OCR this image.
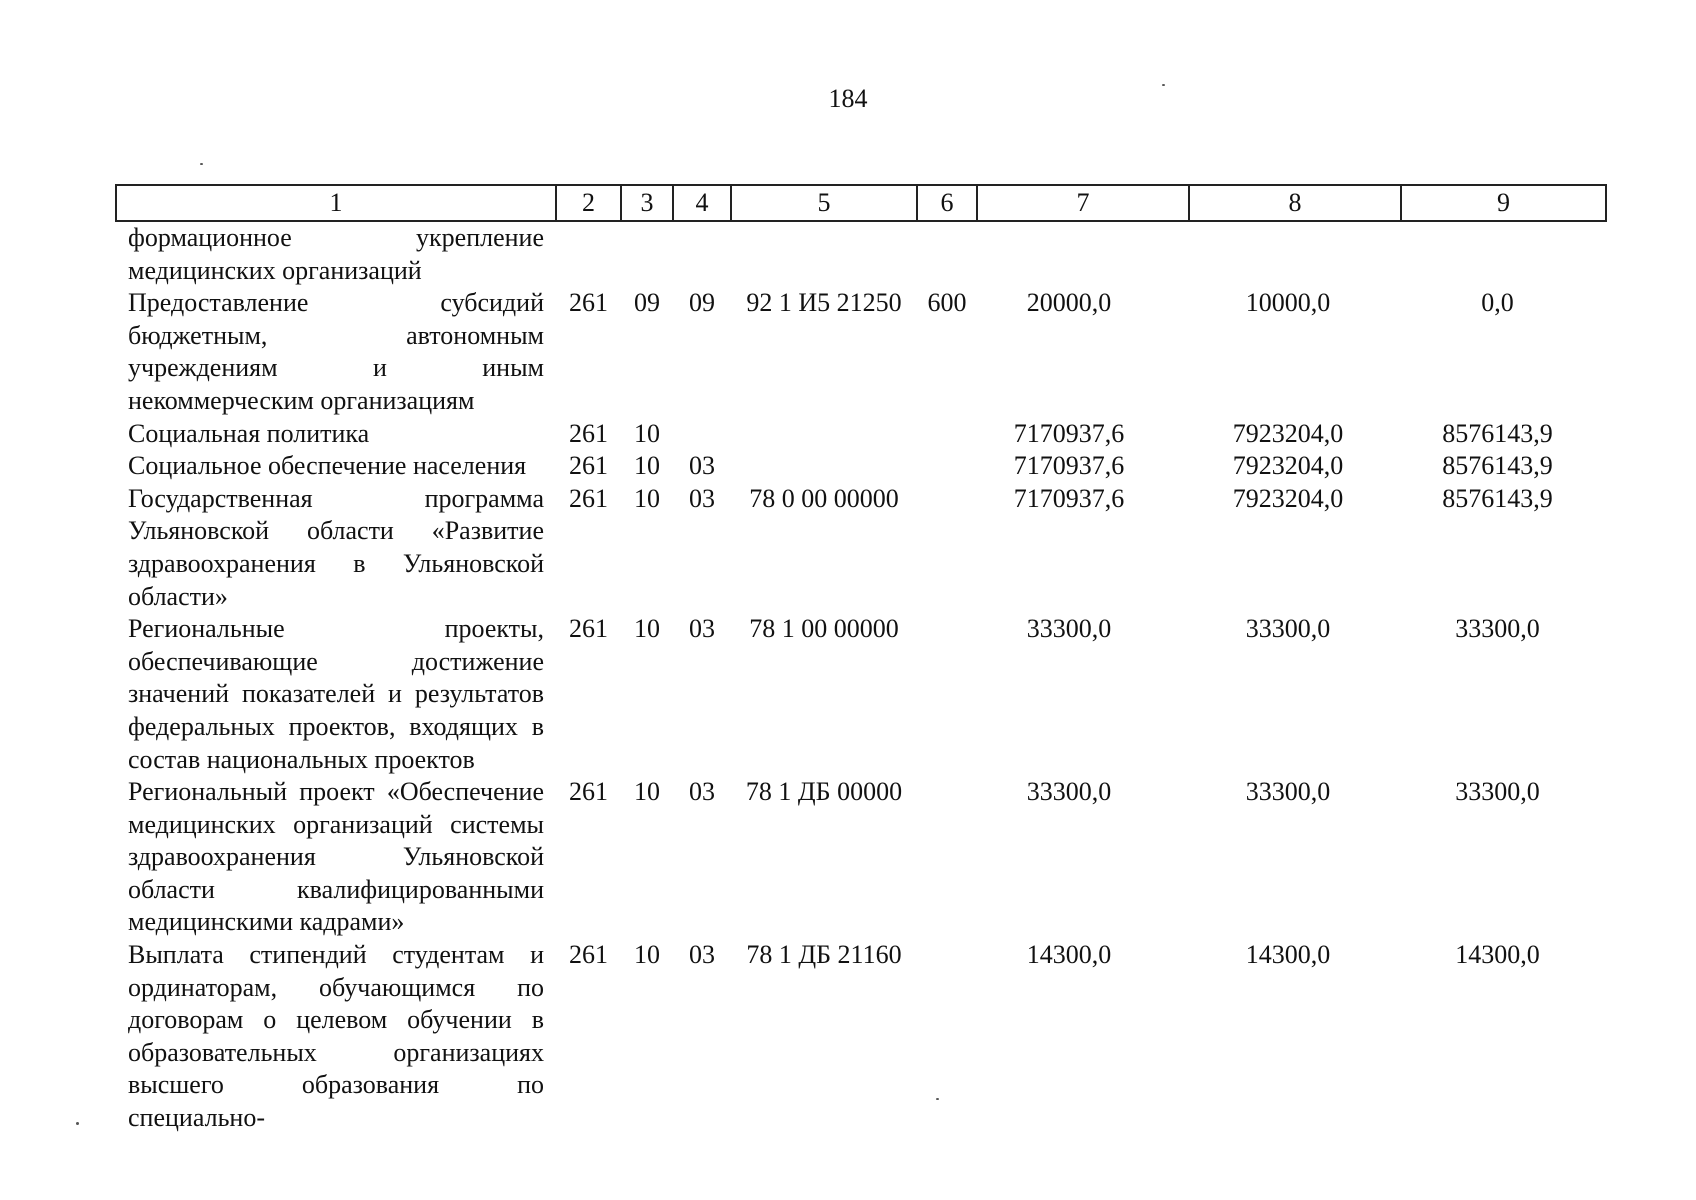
184
1	2	3	4	5	6	7	8	9
формационное укрепление медицинских организаций								
Предоставление субсидий бюджетным, автономным учреждениям и иным некоммерческим организациям	261	09	09	92 1 И5 21250	600	20000,0	10000,0	0,0
Социальная политика	261	10				7170937,6	7923204,0	8576143,9
Социальное обеспечение населения	261	10	03			7170937,6	7923204,0	8576143,9
Государственная программа Ульяновской области «Развитие здравоохранения в Ульяновской области»	261	10	03	78 0 00 00000		7170937,6	7923204,0	8576143,9
Региональные проекты, обеспечивающие достижение значений показателей и результатов федеральных проектов, входящих в состав национальных проектов	261	10	03	78 1 00 00000		33300,0	33300,0	33300,0
Региональный проект «Обеспечение медицинских организаций системы здравоохранения Ульяновской области квалифицированными медицинскими кадрами»	261	10	03	78 1 ДБ 00000		33300,0	33300,0	33300,0
Выплата стипендий студентам и ординаторам, обучающимся по договорам о целевом обучении в образовательных организациях высшего образования по специально-	261	10	03	78 1 ДБ 21160		14300,0	14300,0	14300,0
